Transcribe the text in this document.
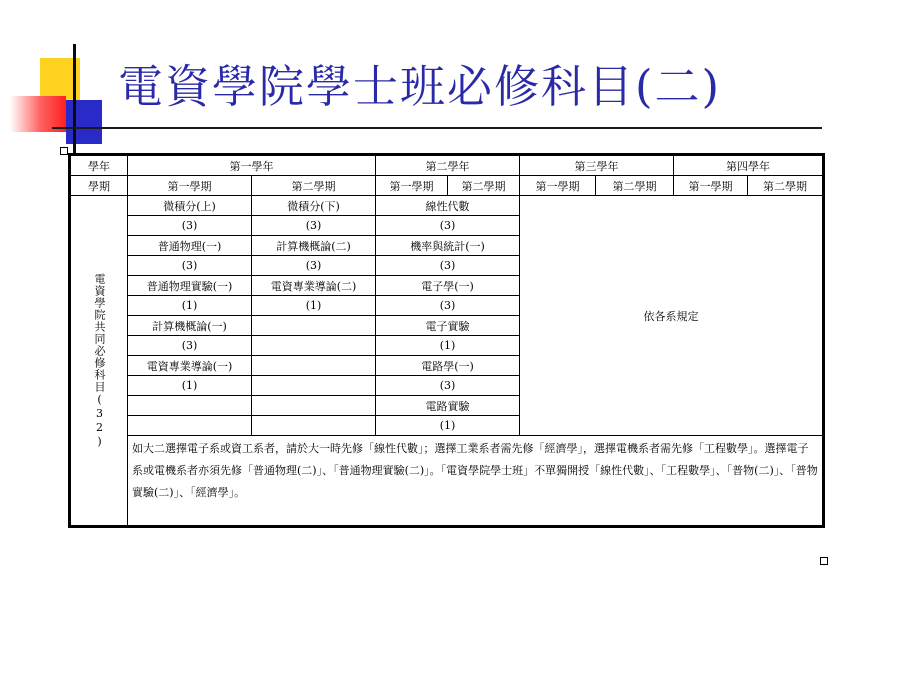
電資學院學士班必修科目(二)
學年	第一學年		第二學年		第三學年		第四學年	
學期	第一學期	第二學期	第一學期	第二學期	第一學期	第二學期	第一學期	第二學期
電資學院共同必修科目(32)	微積分(上)	微積分(下)	線性代數		依各系規定			
	(3)	(3)	(3)					
	普通物理(一)	計算機概論(二)	機率與統計(一)					
	(3)	(3)	(3)					
	普通物理實驗(一)	電資專業導論(二)	電子學(一)					
	(1)	(1)	(3)					
	計算機概論(一)		電子實驗					
	(3)		(1)					
	電資專業導論(一)		電路學(一)					
	(1)		(3)					
			電路實驗					
			(1)					
	如大二選擇電子系或資工系者，請於大一時先修「線性代數」；選擇工業系者需先修「經濟學」，選擇電機系者需先修「工程數學」。選擇電子系或電機系者亦須先修「普通物理(二)」、「普通物理實驗(二)」。「電資學院學士班」不單獨開授「線性代數」、「工程數學」、「普物(二)」、「普物實驗(二)」、「經濟學」。							
